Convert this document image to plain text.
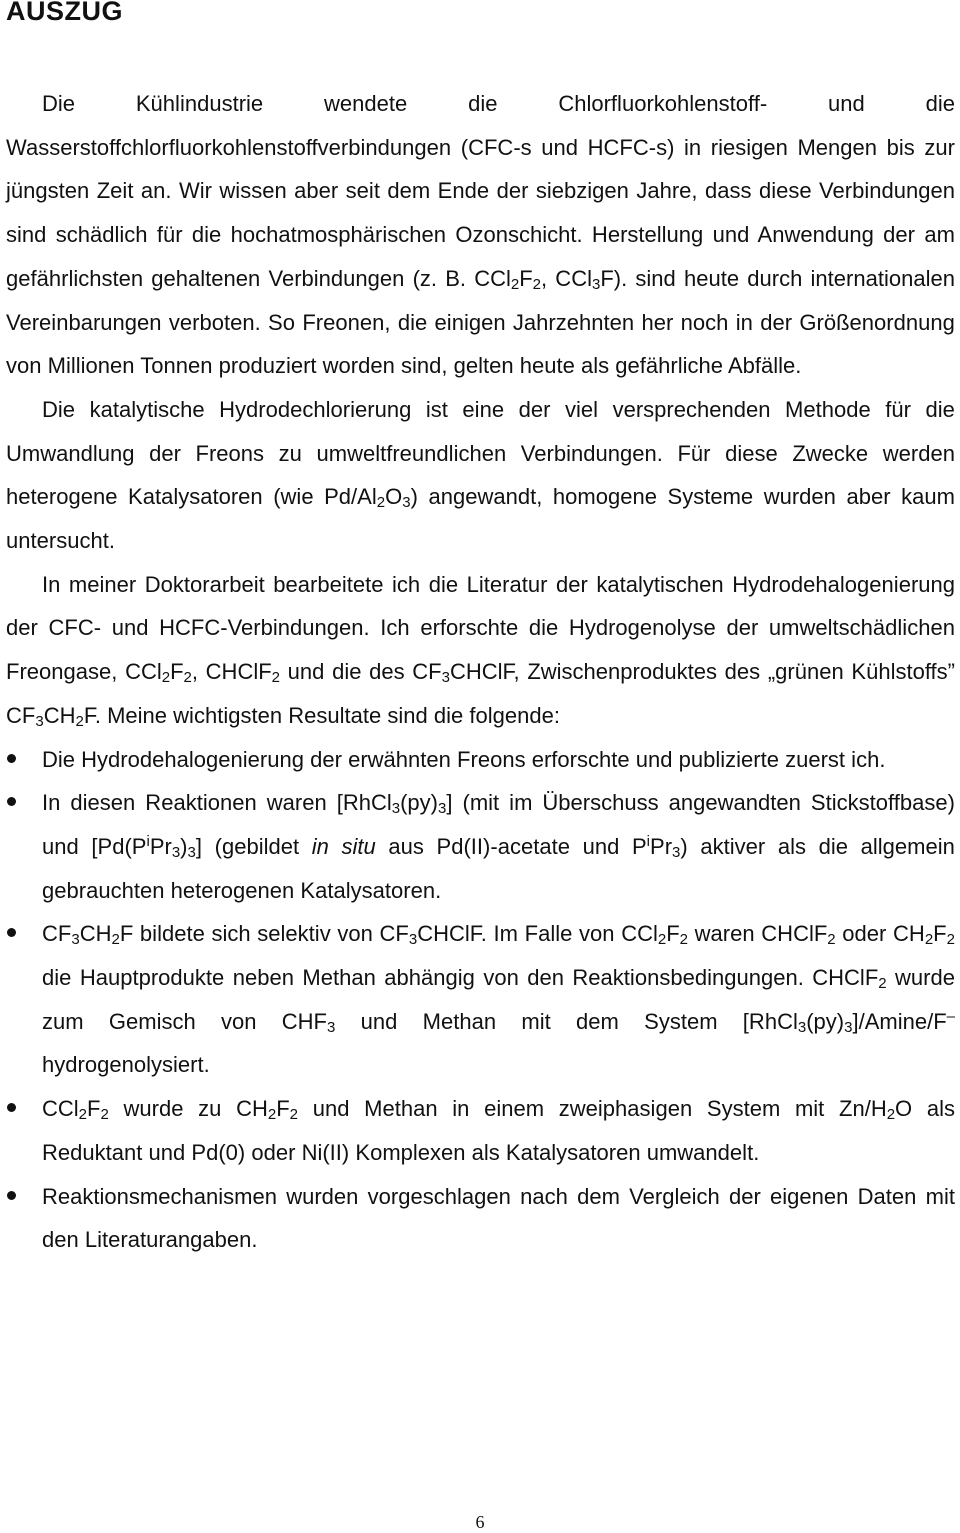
AUSZUG

Die	Kühlindustrie	wendete	die	Chlorfluorkohlenstoff-	und	die Wasserstoffchlorfluorkohlenstoffverbindungen (CFC-s und HCFC-s) in riesigen Mengen bis zur jüngsten Zeit an. Wir wissen aber seit dem Ende der siebzigen Jahre, dass diese Verbindungen sind schädlich für die hochatmosphärischen Ozonschicht. Herstellung und Anwendung der am gefährlichsten gehaltenen Verbindungen (z. B. $CCl_2F_2$, CCl$_3$F). sind heute durch internationalen Vereinbarungen verboten. So Freonen, die einigen Jahrzehnten her noch in der Größenordnung von Millionen Tonnen produziert worden sind, gelten heute als gefährliche Abfälle.

Die katalytische Hydrodechlorierung ist eine der viel versprechenden Methode für die Umwandlung der Freons zu umweltfreundlichen Verbindungen. Für diese Zwecke werden heterogene Katalysatoren (wie $Pd/Al_2O_3$) angewandt, homogene Systeme wurden aber kaum untersucht.

In meiner Doktorarbeit bearbeitete ich die Literatur der katalytischen Hydrodehalogenierung der CFC- und HCFC-Verbindungen. Ich erforschte die Hydrogenolyse der umweltschädlichen Freongase, $CCl_2F_2$, CHClF$_2$ und die des $CF_3CHClF$, Zwischenproduktes des „grünen Kühlstoffs” $CF_3CH_2F$. Meine wichtigsten Resultate sind die folgende:

Die Hydrodehalogenierung der erwähnten Freons erforschte und publizierte zuerst ich.
In diesen Reaktionen waren $[RhCl_3(py)_3]$ (mit im Überschuss angewandten Stickstoffbase) und $[Pd(P^iPr_3)_3]$ (gebildet in situ aus Pd(II)-acetate und $P^iPr_3$) aktiver als die allgemein gebrauchten heterogenen Katalysatoren.
$CF_3CH_2F$ bildete sich selektiv von $CF_3CHClF$. Im Falle von $CCl_2F_2$ waren CHClF$_2$ oder $CH_2F_2$ die Hauptprodukte neben Methan abhängig von den Reaktionsbedingungen. CHClF$_2$ wurde zum Gemisch von $CHF_3$ und Methan mit dem System $[RhCl_3(py)_3]/Amine/F^-$ hydrogenolysiert.
$CCl_2F_2$ wurde zu $CH_2F_2$ und Methan in einem zweiphasigen System mit $Zn/H_2O$ als Reduktant und Pd(0) oder Ni(II) Komplexen als Katalysatoren umwandelt.
Reaktionsmechanismen wurden vorgeschlagen nach dem Vergleich der eigenen Daten mit den Literaturangaben.
6
